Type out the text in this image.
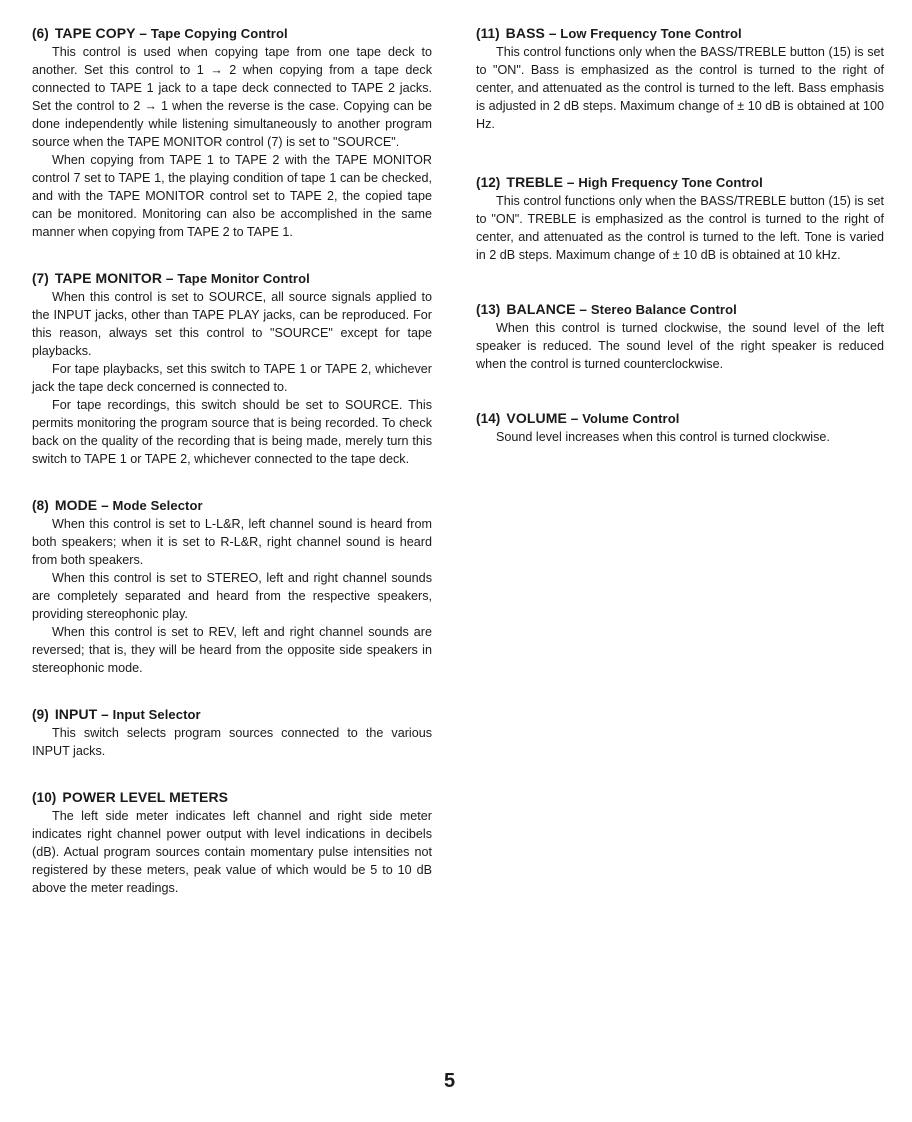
(6) TAPE COPY – Tape Copying Control

This control is used when copying tape from one tape deck to another. Set this control to 1 → 2 when copying from a tape deck connected to TAPE 1 jack to a tape deck connected to TAPE 2 jacks. Set the control to 2 → 1 when the reverse is the case. Copying can be done independently while listening simultaneously to another program source when the TAPE MONITOR control (7) is set to "SOURCE".

When copying from TAPE 1 to TAPE 2 with the TAPE MONITOR control 7 set to TAPE 1, the playing condition of tape 1 can be checked, and with the TAPE MONITOR control set to TAPE 2, the copied tape can be monitored. Monitoring can also be accomplished in the same manner when copying from TAPE 2 to TAPE 1.

(7) TAPE MONITOR – Tape Monitor Control

When this control is set to SOURCE, all source signals applied to the INPUT jacks, other than TAPE PLAY jacks, can be reproduced. For this reason, always set this control to "SOURCE" except for tape playbacks.

For tape playbacks, set this switch to TAPE 1 or TAPE 2, whichever jack the tape deck concerned is connected to.

For tape recordings, this switch should be set to SOURCE. This permits monitoring the program source that is being recorded. To check back on the quality of the recording that is being made, merely turn this switch to TAPE 1 or TAPE 2, whichever connected to the tape deck.

(8) MODE – Mode Selector

When this control is set to L-L&R, left channel sound is heard from both speakers; when it is set to R-L&R, right channel sound is heard from both speakers.

When this control is set to STEREO, left and right channel sounds are completely separated and heard from the respective speakers, providing stereophonic play.

When this control is set to REV, left and right channel sounds are reversed; that is, they will be heard from the opposite side speakers in stereophonic mode.

(9) INPUT – Input Selector

This switch selects program sources connected to the various INPUT jacks.

(10) POWER LEVEL METERS

The left side meter indicates left channel and right side meter indicates right channel power output with level indications in decibels (dB). Actual program sources contain momentary pulse intensities not registered by these meters, peak value of which would be 5 to 10 dB above the meter readings.

(11) BASS – Low Frequency Tone Control

This control functions only when the BASS/TREBLE button (15) is set to "ON". Bass is emphasized as the control is turned to the right of center, and attenuated as the control is turned to the left. Bass emphasis is adjusted in 2 dB steps. Maximum change of ± 10 dB is obtained at 100 Hz.

(12) TREBLE – High Frequency Tone Control

This control functions only when the BASS/TREBLE button (15) is set to "ON". TREBLE is emphasized as the control is turned to the right of center, and attenuated as the control is turned to the left. Tone is varied in 2 dB steps. Maximum change of ± 10 dB is obtained at 10 kHz.

(13) BALANCE – Stereo Balance Control

When this control is turned clockwise, the sound level of the left speaker is reduced. The sound level of the right speaker is reduced when the control is turned counterclockwise.

(14) VOLUME – Volume Control

Sound level increases when this control is turned clockwise.

5
